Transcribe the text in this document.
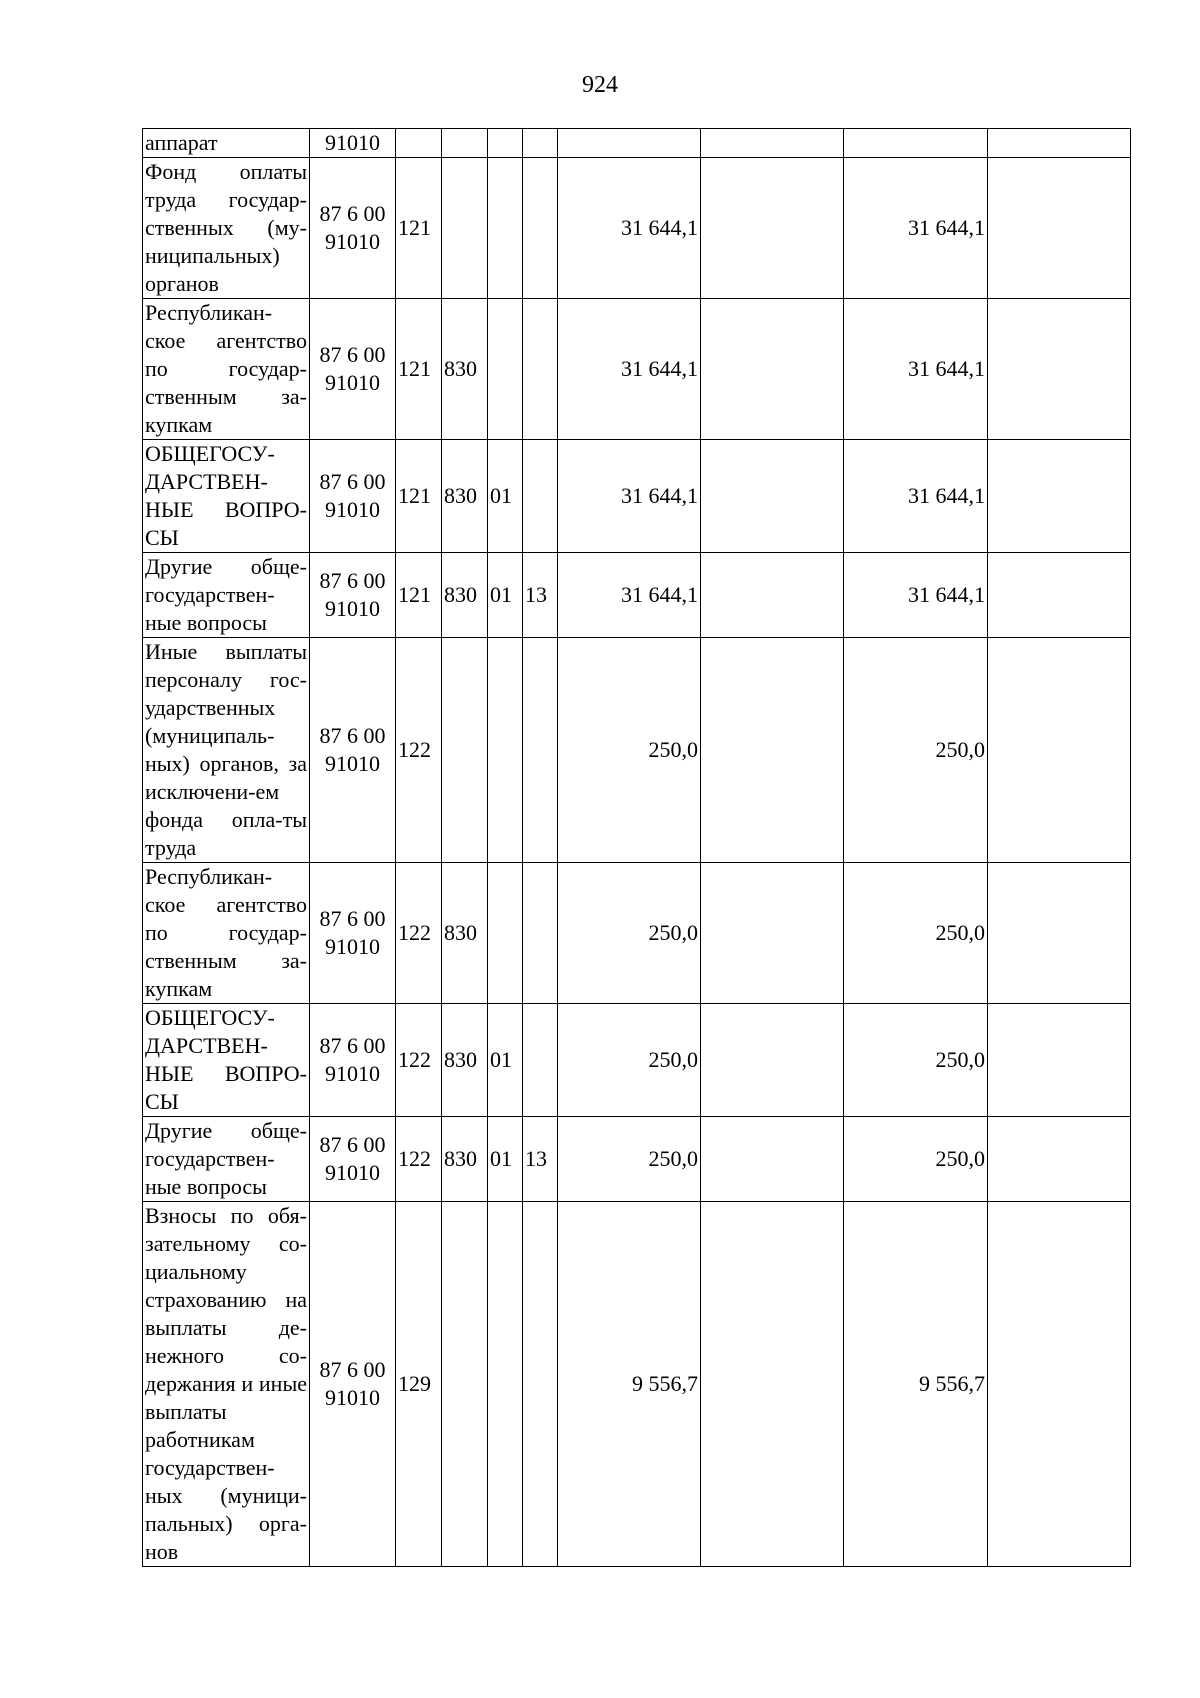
924
аппарат	91010								
Фонд оплаты труда государ-ственных (му-ниципальных) органов	87 6 00 91010	121				31 644,1		31 644,1	
Республикан-ское агентство по государ-ственным за-купкам	87 6 00 91010	121	830			31 644,1		31 644,1	
ОБЩЕГОСУ-ДАРСТВЕН-НЫЕ ВОПРО-СЫ	87 6 00 91010	121	830	01		31 644,1		31 644,1	
Другие обще-государствен-ные вопросы	87 6 00 91010	121	830	01	13	31 644,1		31 644,1	
Иные выплаты персоналу гос-ударственных (муниципаль-ных) органов, за исключени-ем фонда опла-ты труда	87 6 00 91010	122				250,0		250,0	
Республикан-ское агентство по государ-ственным за-купкам	87 6 00 91010	122	830			250,0		250,0	
ОБЩЕГОСУ-ДАРСТВЕН-НЫЕ ВОПРО-СЫ	87 6 00 91010	122	830	01		250,0		250,0	
Другие обще-государствен-ные вопросы	87 6 00 91010	122	830	01	13	250,0		250,0	
Взносы по обя-зательному со-циальному страхованию на выплаты де-нежного со-держания и иные выплаты работникам государствен-ных (муници-пальных) орга-нов	87 6 00 91010	129				9 556,7		9 556,7	
